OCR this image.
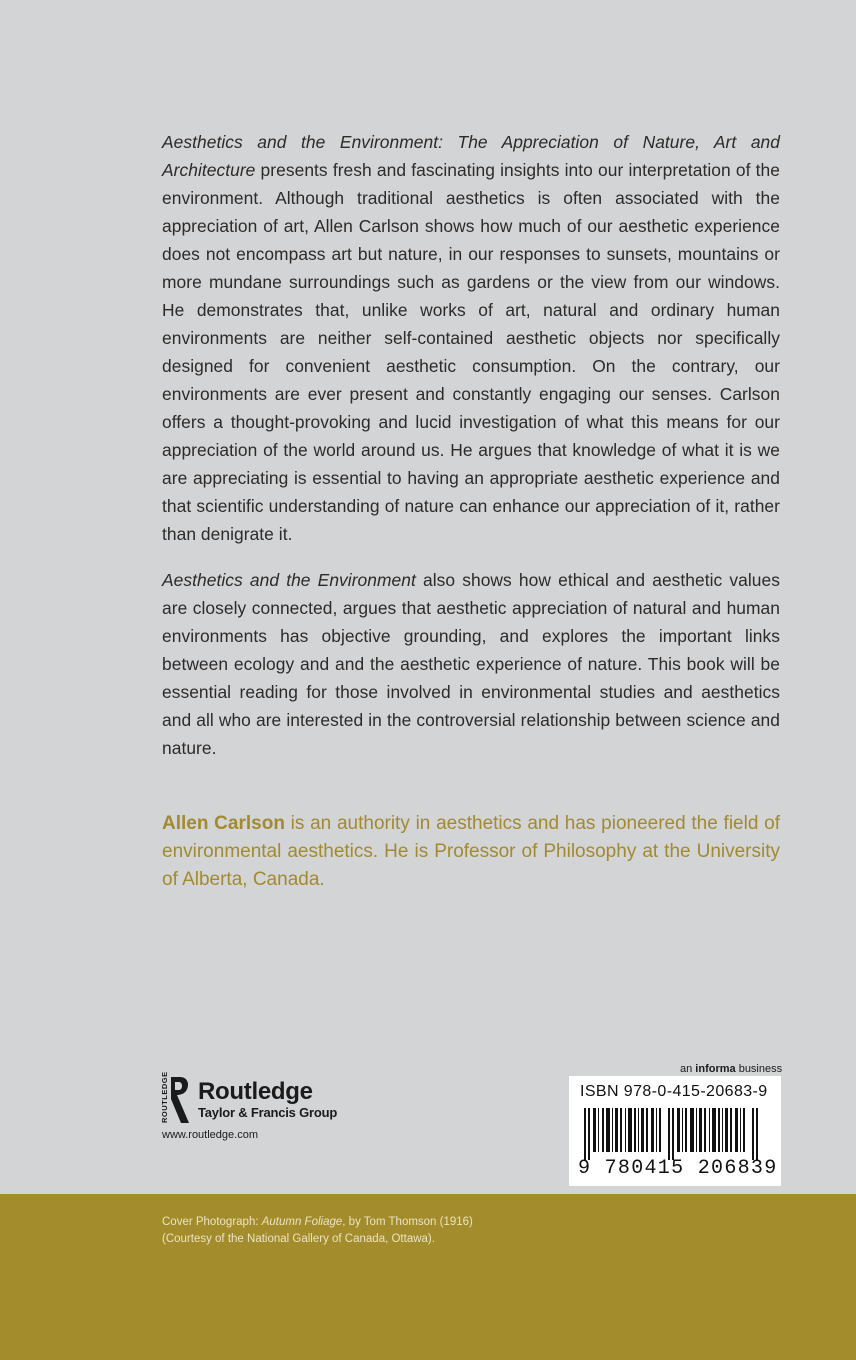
Aesthetics and the Environment: The Appreciation of Nature, Art and Architecture presents fresh and fascinating insights into our interpretation of the environment. Although traditional aesthetics is often associated with the appreciation of art, Allen Carlson shows how much of our aesthetic experience does not encompass art but nature, in our responses to sunsets, mountains or more mundane surroundings such as gardens or the view from our windows. He demonstrates that, unlike works of art, natural and ordinary human environments are neither self-contained aesthetic objects nor specifically designed for convenient aesthetic consumption. On the contrary, our environments are ever present and constantly engaging our senses. Carlson offers a thought-provoking and lucid investigation of what this means for our appreciation of the world around us. He argues that knowledge of what it is we are appreciating is essential to having an appropriate aesthetic experience and that scientific understanding of nature can enhance our appreciation of it, rather than denigrate it.

Aesthetics and the Environment also shows how ethical and aesthetic values are closely connected, argues that aesthetic appreciation of natural and human environments has objective grounding, and explores the important links between ecology and and the aesthetic experience of nature. This book will be essential reading for those involved in environmental studies and aesthetics and all who are interested in the controversial relationship between science and nature.

Allen Carlson is an authority in aesthetics and has pioneered the field of environmental aesthetics. He is Professor of Philosophy at the University of Alberta, Canada.

ROUTLEDGE Routledge
Taylor & Francis Group
www.routledge.com
an informa business
ISBN 978-0-415-20683-9
9 780415 206839
Cover Photograph: Autumn Foliage, by Tom Thomson (1916)
(Courtesy of the National Gallery of Canada, Ottawa).
